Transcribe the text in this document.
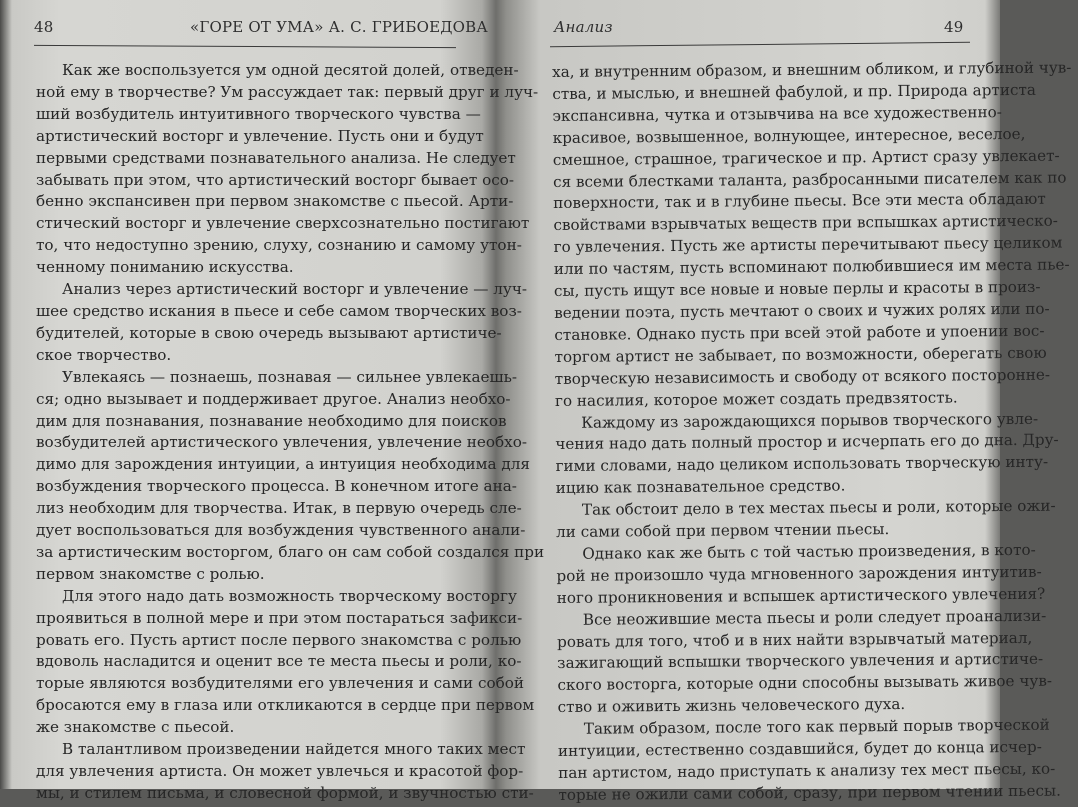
48	«ГОРЕ ОТ УМА» А. С. ГРИБОЕДОВА

Как же воспользуется ум одной десятой долей, отведен-
ной ему в творчестве? Ум рассуждает так: первый друг и луч-
ший возбудитель интуитивного творческого чувства —
артистический восторг и увлечение. Пусть они и будут
первыми средствами познавательного анализа. Не следует
забывать при этом, что артистический восторг бывает осо-
бенно экспансивен при первом знакомстве с пьесой. Арти-
стический восторг и увлечение сверхсознательно постигают
то, что недоступно зрению, слуху, сознанию и самому утон-
ченному пониманию искусства.

Анализ через артистический восторг и увлечение — луч-
шее средство искания в пьесе и себе самом творческих воз-
будителей, которые в свою очередь вызывают артистиче-
ское творчество.

Увлекаясь — познаешь, познавая — сильнее увлекаешь-
ся; одно вызывает и поддерживает другое. Анализ необхо-
дим для познавания, познавание необходимо для поисков
возбудителей артистического увлечения, увлечение необхо-
димо для зарождения интуиции, а интуиция необходима для
возбуждения творческого процесса. В конечном итоге ана-
лиз необходим для творчества. Итак, в первую очередь сле-
дует воспользоваться для возбуждения чувственного анали-
за артистическим восторгом, благо он сам собой создался при
первом знакомстве с ролью.

Для этого надо дать возможность творческому восторгу
проявиться в полной мере и при этом постараться зафикси-
ровать его. Пусть артист после первого знакомства с ролью
вдоволь насладится и оценит все те места пьесы и роли, ко-
торые являются возбудителями его увлечения и сами собой
бросаются ему в глаза или откликаются в сердце при первом
же знакомстве с пьесой.

В талантливом произведении найдется много таких мест
для увлечения артиста. Он может увлечься и красотой фор-
мы, и стилем письма, и словесной формой, и звучностью сти-

Анализ	49

ха, и внутренним образом, и внешним обликом, и глубиной чув-
ства, и мыслью, и внешней фабулой, и пр. Природа артиста
экспансивна, чутка и отзывчива на все художественно-
красивое, возвышенное, волнующее, интересное, веселое,
смешное, страшное, трагическое и пр. Артист сразу увлекает-
ся всеми блестками таланта, разбросанными писателем как по
поверхности, так и в глубине пьесы. Все эти места обладают
свойствами взрывчатых веществ при вспышках артистическо-
го увлечения. Пусть же артисты перечитывают пьесу целиком
или по частям, пусть вспоминают полюбившиеся им места пье-
сы, пусть ищут все новые и новые перлы и красоты в произ-
ведении поэта, пусть мечтают о своих и чужих ролях или по-
становке. Однако пусть при всей этой работе и упоении вос-
торгом артист не забывает, по возможности, оберегать свою
творческую независимость и свободу от всякого посторонне-
го насилия, которое может создать предвзятость.

Каждому из зарождающихся порывов творческого увле-
чения надо дать полный простор и исчерпать его до дна. Дру-
гими словами, надо целиком использовать творческую инту-
ицию как познавательное средство.

Так обстоит дело в тех местах пьесы и роли, которые ожи-
ли сами собой при первом чтении пьесы.

Однако как же быть с той частью произведения, в кото-
рой не произошло чуда мгновенного зарождения интуитив-
ного проникновения и вспышек артистического увлечения?

Все неожившие места пьесы и роли следует проанализи-
ровать для того, чтоб и в них найти взрывчатый материал,
зажигающий вспышки творческого увлечения и артистиче-
ского восторга, которые одни способны вызывать живое чув-
ство и оживить жизнь человеческого духа.

Таким образом, после того как первый порыв творческой
интуиции, естественно создавшийся, будет до конца исчер-
пан артистом, надо приступать к анализу тех мест пьесы, ко-
торые не ожили сами собой, сразу, при первом чтении пьесы.
